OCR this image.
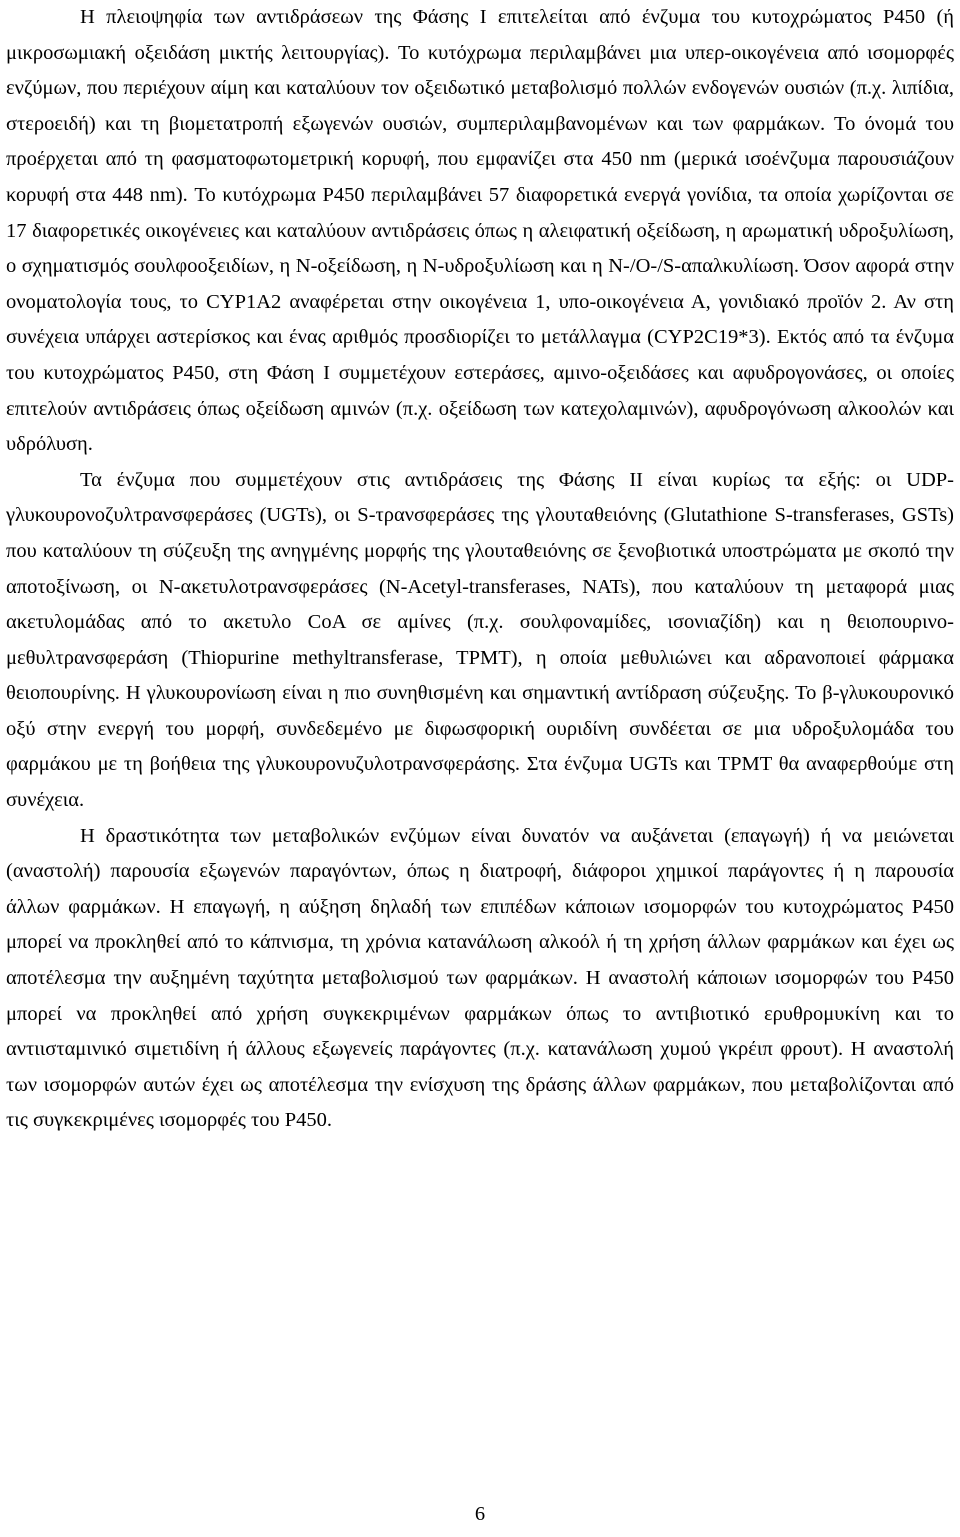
Η πλειοψηφία των αντιδράσεων της Φάσης Ι επιτελείται από ένζυμα του κυτοχρώματος P450 (ή μικροσωμιακή οξειδάση μικτής λειτουργίας). Το κυτόχρωμα περιλαμβάνει μια υπερ-οικογένεια από ισομορφές ενζύμων, που περιέχουν αίμη και καταλύουν τον οξειδωτικό μεταβολισμό πολλών ενδογενών ουσιών (π.χ. λιπίδια, στεροειδή) και τη βιομετατροπή εξωγενών ουσιών, συμπεριλαμβανομένων και των φαρμάκων. Το όνομά του προέρχεται από τη φασματοφωτομετρική κορυφή, που εμφανίζει στα 450 nm (μερικά ισοένζυμα παρουσιάζουν κορυφή στα 448 nm). Το κυτόχρωμα P450 περιλαμβάνει 57 διαφορετικά ενεργά γονίδια, τα οποία χωρίζονται σε 17 διαφορετικές οικογένειες και καταλύουν αντιδράσεις όπως η αλειφατική οξείδωση, η αρωματική υδροξυλίωση, ο σχηματισμός σουλφοοξειδίων, η N-οξείδωση, η N-υδροξυλίωση και η N-/O-/S-απαλκυλίωση. Όσον αφορά στην ονοματολογία τους, το CYP1A2 αναφέρεται στην οικογένεια 1, υπο-οικογένεια Α, γονιδιακό προϊόν 2. Αν στη συνέχεια υπάρχει αστερίσκος και ένας αριθμός προσδιορίζει το μετάλλαγμα (CYP2C19*3). Εκτός από τα ένζυμα του κυτοχρώματος P450, στη Φάση Ι συμμετέχουν εστεράσες, αμινο-οξειδάσες και αφυδρογονάσες, οι οποίες επιτελούν αντιδράσεις όπως οξείδωση αμινών (π.χ. οξείδωση των κατεχολαμινών), αφυδρογόνωση αλκοολών και υδρόλυση.

Τα ένζυμα που συμμετέχουν στις αντιδράσεις της Φάσης ΙΙ είναι κυρίως τα εξής: οι UDP-γλυκουρονοζυλτρανσφεράσες (UGTs), οι S-τρανσφεράσες της γλουταθειόνης (Glutathione S-transferases, GSTs) που καταλύουν τη σύζευξη της ανηγμένης μορφής της γλουταθειόνης σε ξενοβιοτικά υποστρώματα με σκοπό την αποτοξίνωση, οι N-ακετυλοτρανσφεράσες (N-Acetyl-transferases, NATs), που καταλύουν τη μεταφορά μιας ακετυλομάδας από το ακετυλο CoA σε αμίνες (π.χ. σουλφοναμίδες, ισονιαζίδη) και η θειοπουρινο-μεθυλτρανσφεράση (Thiopurine methyltransferase, TPMT), η οποία μεθυλιώνει και αδρανοποιεί φάρμακα θειοπουρίνης. Η γλυκουρονίωση είναι η πιο συνηθισμένη και σημαντική αντίδραση σύζευξης. Το β-γλυκουρονικό οξύ στην ενεργή του μορφή, συνδεδεμένο με διφωσφορική ουριδίνη συνδέεται σε μια υδροξυλομάδα του φαρμάκου με τη βοήθεια της γλυκουρονυζυλοτρανσφεράσης. Στα ένζυμα UGTs και TPMT θα αναφερθούμε στη συνέχεια.

Η δραστικότητα των μεταβολικών ενζύμων είναι δυνατόν να αυξάνεται (επαγωγή) ή να μειώνεται (αναστολή) παρουσία εξωγενών παραγόντων, όπως η διατροφή, διάφοροι χημικοί παράγοντες ή η παρουσία άλλων φαρμάκων. Η επαγωγή, η αύξηση δηλαδή των επιπέδων κάποιων ισομορφών του κυτοχρώματος P450 μπορεί να προκληθεί από το κάπνισμα, τη χρόνια κατανάλωση αλκοόλ ή τη χρήση άλλων φαρμάκων και έχει ως αποτέλεσμα την αυξημένη ταχύτητα μεταβολισμού των φαρμάκων. Η αναστολή κάποιων ισομορφών του P450 μπορεί να προκληθεί από χρήση συγκεκριμένων φαρμάκων όπως το αντιβιοτικό ερυθρομυκίνη και το αντιισταμινικό σιμετιδίνη ή άλλους εξωγενείς παράγοντες (π.χ. κατανάλωση χυμού γκρέιπ φρουτ). Η αναστολή των ισομορφών αυτών έχει ως αποτέλεσμα την ενίσχυση της δράσης άλλων φαρμάκων, που μεταβολίζονται από τις συγκεκριμένες ισομορφές του P450.

6
